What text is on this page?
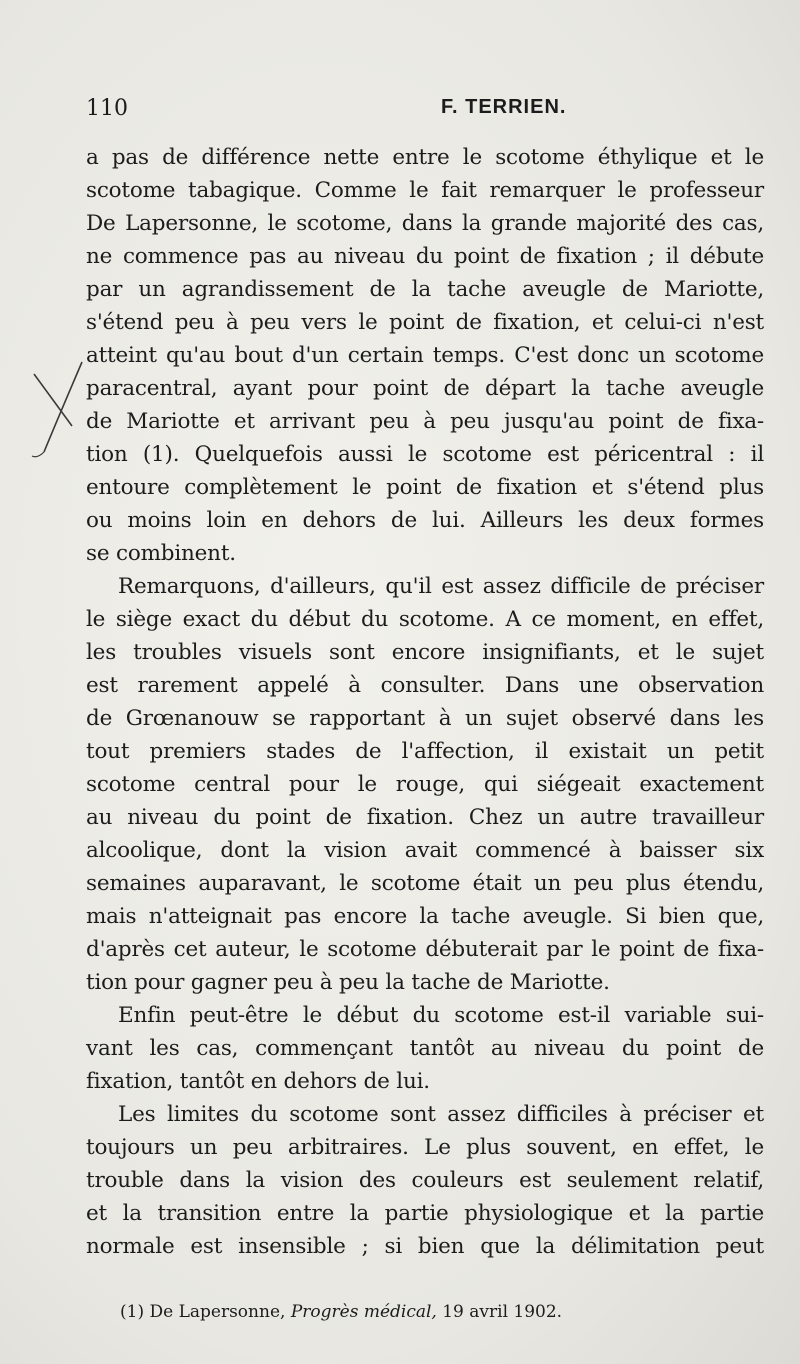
110	F. TERRIEN.
a pas de différence nette entre le scotome éthylique et le
scotome tabagique. Comme le fait remarquer le professeur
De Lapersonne, le scotome, dans la grande majorité des cas,
ne commence pas au niveau du point de fixation ; il débute
par un agrandissement de la tache aveugle de Mariotte,
s'étend peu à peu vers le point de fixation, et celui-ci n'est
atteint qu'au bout d'un certain temps. C'est donc un scotome
paracentral, ayant pour point de départ la tache aveugle
de Mariotte et arrivant peu à peu jusqu'au point de fixa-
tion (1). Quelquefois aussi le scotome est péricentral : il
entoure complètement le point de fixation et s'étend plus
ou moins loin en dehors de lui. Ailleurs les deux formes
se combinent.
Remarquons, d'ailleurs, qu'il est assez difficile de préciser
le siège exact du début du scotome. A ce moment, en effet,
les troubles visuels sont encore insignifiants, et le sujet
est rarement appelé à consulter. Dans une observation
de Grœnanouw se rapportant à un sujet observé dans les
tout premiers stades de l'affection, il existait un petit
scotome central pour le rouge, qui siégeait exactement
au niveau du point de fixation. Chez un autre travailleur
alcoolique, dont la vision avait commencé à baisser six
semaines auparavant, le scotome était un peu plus étendu,
mais n'atteignait pas encore la tache aveugle. Si bien que,
d'après cet auteur, le scotome débuterait par le point de fixa-
tion pour gagner peu à peu la tache de Mariotte.
Enfin peut-être le début du scotome est-il variable sui-
vant les cas, commençant tantôt au niveau du point de
fixation, tantôt en dehors de lui.
Les limites du scotome sont assez difficiles à préciser et
toujours un peu arbitraires. Le plus souvent, en effet, le
trouble dans la vision des couleurs est seulement relatif,
et la transition entre la partie physiologique et la partie
normale est insensible ; si bien que la délimitation peut
(1) De Lapersonne, Progrès médical, 19 avril 1902.
